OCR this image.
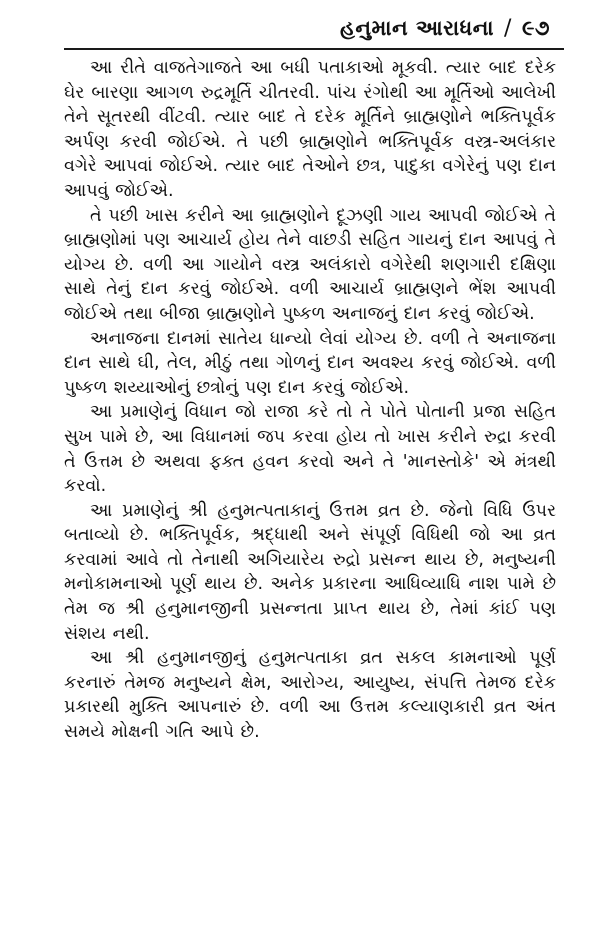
હનુમાન આરાધના / ૯૭

આ રીતે વાજતેગાજતે આ બધી પતાકાઓ મૂકવી. ત્યાર બાદ દરેક ઘેર બારણા આગળ રુદ્રમૂર્તિ ચીતરવી. પાંચ રંગોથી આ મૂર્તિઓ આલેખી તેને સૂતરથી વીંટવી. ત્યાર બાદ તે દરેક મૂર્તિને બ્રાહ્મણોને ભક્તિપૂર્વક અર્પણ કરવી જોઈએ. તે પછી બ્રાહ્મણોને ભક્તિપૂર્વક વસ્ત્ર-અલંકાર વગેરે આપવાં જોઈએ. ત્યાર બાદ તેઓને છત્ર, પાદુકા વગેરેનું પણ દાન આપવું જોઈએ.

તે પછી ખાસ કરીને આ બ્રાહ્મણોને દૂઝણી ગાય આપવી જોઈએ તે બ્રાહ્મણોમાં પણ આચાર્ય હોય તેને વાછડી સહિત ગાયનું દાન આપવું તે યોગ્ય છે. વળી આ ગાયોને વસ્ત્ર અલંકારો વગેરેથી શણગારી દક્ષિણા સાથે તેનું દાન કરવું જોઈએ. વળી આચાર્ય બ્રાહ્મણને ભેંશ આપવી જોઈએ તથા બીજા બ્રાહ્મણોને પુષ્કળ અનાજનું દાન કરવું જોઈએ.

અનાજના દાનમાં સાતેય ધાન્યો લેવાં યોગ્ય છે. વળી તે અનાજના દાન સાથે ઘી, તેલ, મીઠું તથા ગોળનું દાન અવશ્ય કરવું જોઈએ. વળી પુષ્કળ શય્યાઓનું છત્રોનું પણ દાન કરવું જોઈએ.

આ પ્રમાણેનું વિધાન જો રાજા કરે તો તે પોતે પોતાની પ્રજા સહિત સુખ પામે છે, આ વિધાનમાં જપ કરવા હોય તો ખાસ કરીને રુદ્રા કરવી તે ઉત્તમ છે અથવા ફક્ત હવન કરવો અને તે 'માનસ્તોકે' એ મંત્રથી કરવો.

આ પ્રમાણેનું શ્રી હનુમત્પતાકાનું ઉત્તમ વ્રત છે. જેનો વિધિ ઉપર બતાવ્યો છે. ભક્તિપૂર્વક, શ્રદ્ધાથી અને સંપૂર્ણ વિધિથી જો આ વ્રત કરવામાં આવે તો તેનાથી અગિયારેય રુદ્રો પ્રસન્ન થાય છે, મનુષ્યની મનોકામનાઓ પૂર્ણ થાય છે. અનેક પ્રકારના આધિવ્યાધિ નાશ પામે છે તેમ જ શ્રી હનુમાનજીની પ્રસન્નતા પ્રાપ્ત થાય છે, તેમાં કાંઈ પણ સંશય નથી.

આ શ્રી હનુમાનજીનું હનુમત્પતાકા વ્રત સકલ કામનાઓ પૂર્ણ કરનારું તેમજ મનુષ્યને ક્ષેમ, આરોગ્ય, આયુષ્ય, સંપત્તિ તેમજ દરેક પ્રકારથી મુક્તિ આપનારું છે. વળી આ ઉત્તમ કલ્યાણકારી વ્રત અંત સમયે મોક્ષની ગતિ આપે છે.
